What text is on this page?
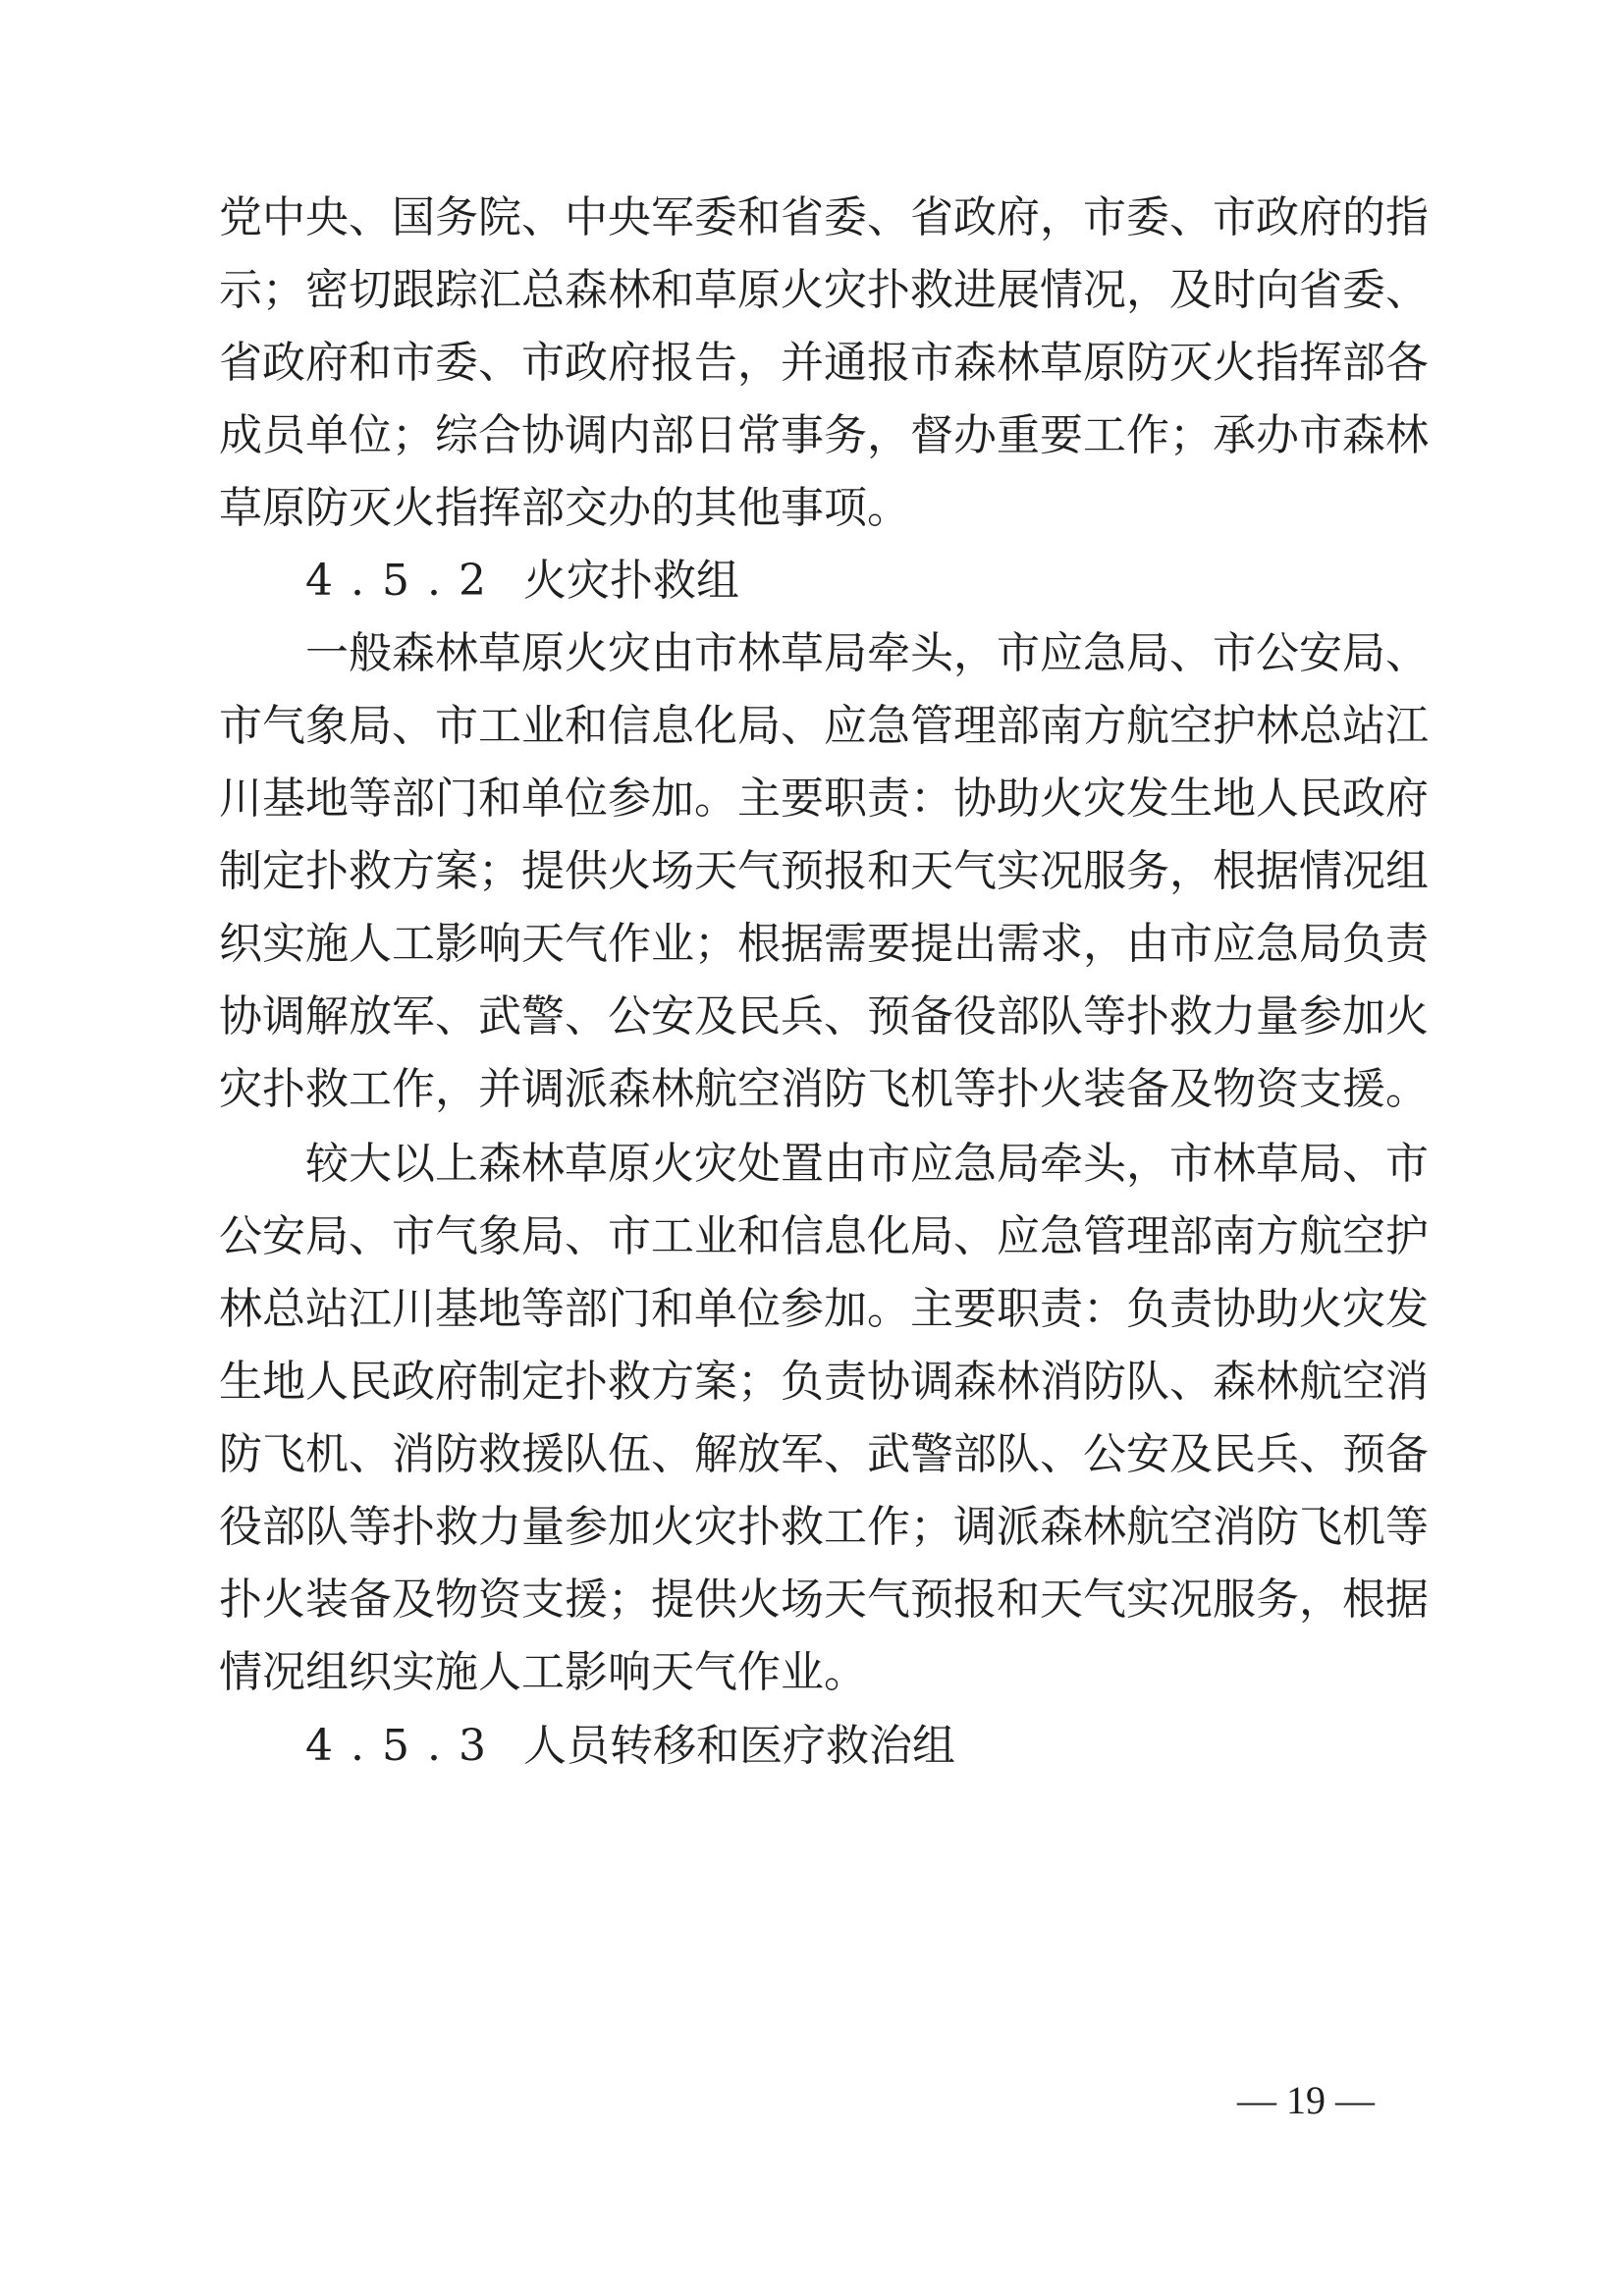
党中央、国务院、中央军委和省委、省政府，市委、市政府的指
示；密切跟踪汇总森林和草原火灾扑救进展情况，及时向省委、
省政府和市委、市政府报告，并通报市森林草原防灭火指挥部各
成员单位；综合协调内部日常事务，督办重要工作；承办市森林
草原防灭火指挥部交办的其他事项。
4.5.2 火灾扑救组
一般森林草原火灾由市林草局牵头，市应急局、市公安局、
市气象局、市工业和信息化局、应急管理部南方航空护林总站江
川基地等部门和单位参加。主要职责：协助火灾发生地人民政府
制定扑救方案；提供火场天气预报和天气实况服务，根据情况组
织实施人工影响天气作业；根据需要提出需求，由市应急局负责
协调解放军、武警、公安及民兵、预备役部队等扑救力量参加火
灾扑救工作，并调派森林航空消防飞机等扑火装备及物资支援。
较大以上森林草原火灾处置由市应急局牵头，市林草局、市
公安局、市气象局、市工业和信息化局、应急管理部南方航空护
林总站江川基地等部门和单位参加。主要职责：负责协助火灾发
生地人民政府制定扑救方案；负责协调森林消防队、森林航空消
防飞机、消防救援队伍、解放军、武警部队、公安及民兵、预备
役部队等扑救力量参加火灾扑救工作；调派森林航空消防飞机等
扑火装备及物资支援；提供火场天气预报和天气实况服务，根据
情况组织实施人工影响天气作业。
4.5.3 人员转移和医疗救治组
— 19 —
